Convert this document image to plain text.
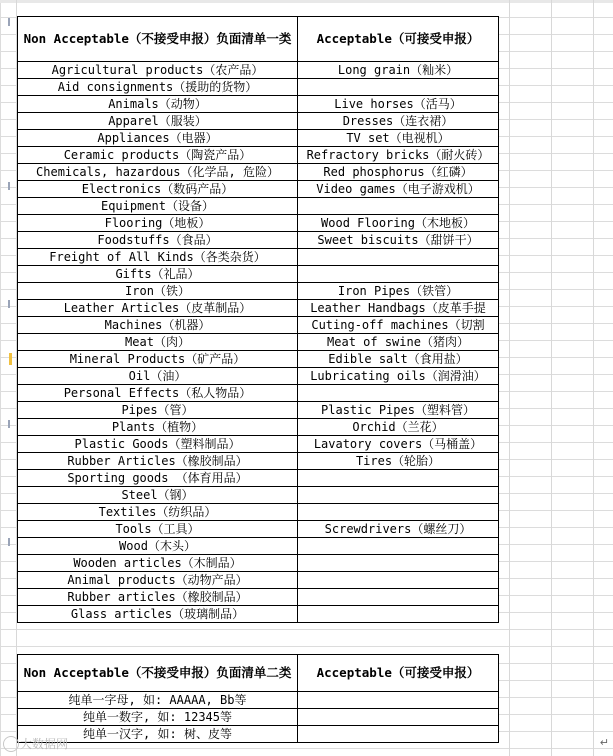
Non Acceptable（不接受申报）负面清单一类	Acceptable（可接受申报）
Agricultural products（农产品）	Long grain（籼米）
Aid consignments（援助的货物）	
Animals（动物）	Live horses（活马）
Apparel（服装）	Dresses（连衣裙）
Appliances（电器）	TV set（电视机）
Ceramic products（陶瓷产品）	Refractory bricks（耐火砖）
Chemicals, hazardous（化学品, 危险）	Red phosphorus（红磷）
Electronics（数码产品）	Video games（电子游戏机）
Equipment（设备）	
Flooring（地板）	Wood Flooring（木地板）
Foodstuffs（食品）	Sweet biscuits（甜饼干）
Freight of All Kinds（各类杂货）	
Gifts（礼品）	
Iron（铁）	Iron Pipes（铁管）
Leather Articles（皮革制品）	Leather Handbags（皮革手提
Machines（机器）	Cuting-off machines（切割
Meat（肉）	Meat of swine（猪肉）
Mineral Products（矿产品）	Edible salt（食用盐）
Oil（油）	Lubricating oils（润滑油）
Personal Effects（私人物品）	
Pipes（管）	Plastic Pipes（塑料管）
Plants（植物）	Orchid（兰花）
Plastic Goods（塑料制品）	Lavatory covers（马桶盖）
Rubber Articles（橡胶制品）	Tires（轮胎）
Sporting goods （体育用品）	
Steel（钢）	
Textiles（纺织品）	
Tools（工具）	Screwdrivers（螺丝刀）
Wood（木头）	
Wooden articles（木制品）	
Animal products（动物产品）	
Rubber articles（橡胶制品）	
Glass articles（玻璃制品）	
Non Acceptable（不接受申报）负面清单二类	Acceptable（可接受申报）
纯单一字母, 如: AAAAA, Bb等	
纯单一数字, 如: 12345等	
纯单一汉字, 如: 树、皮等	
大数据网	↵
